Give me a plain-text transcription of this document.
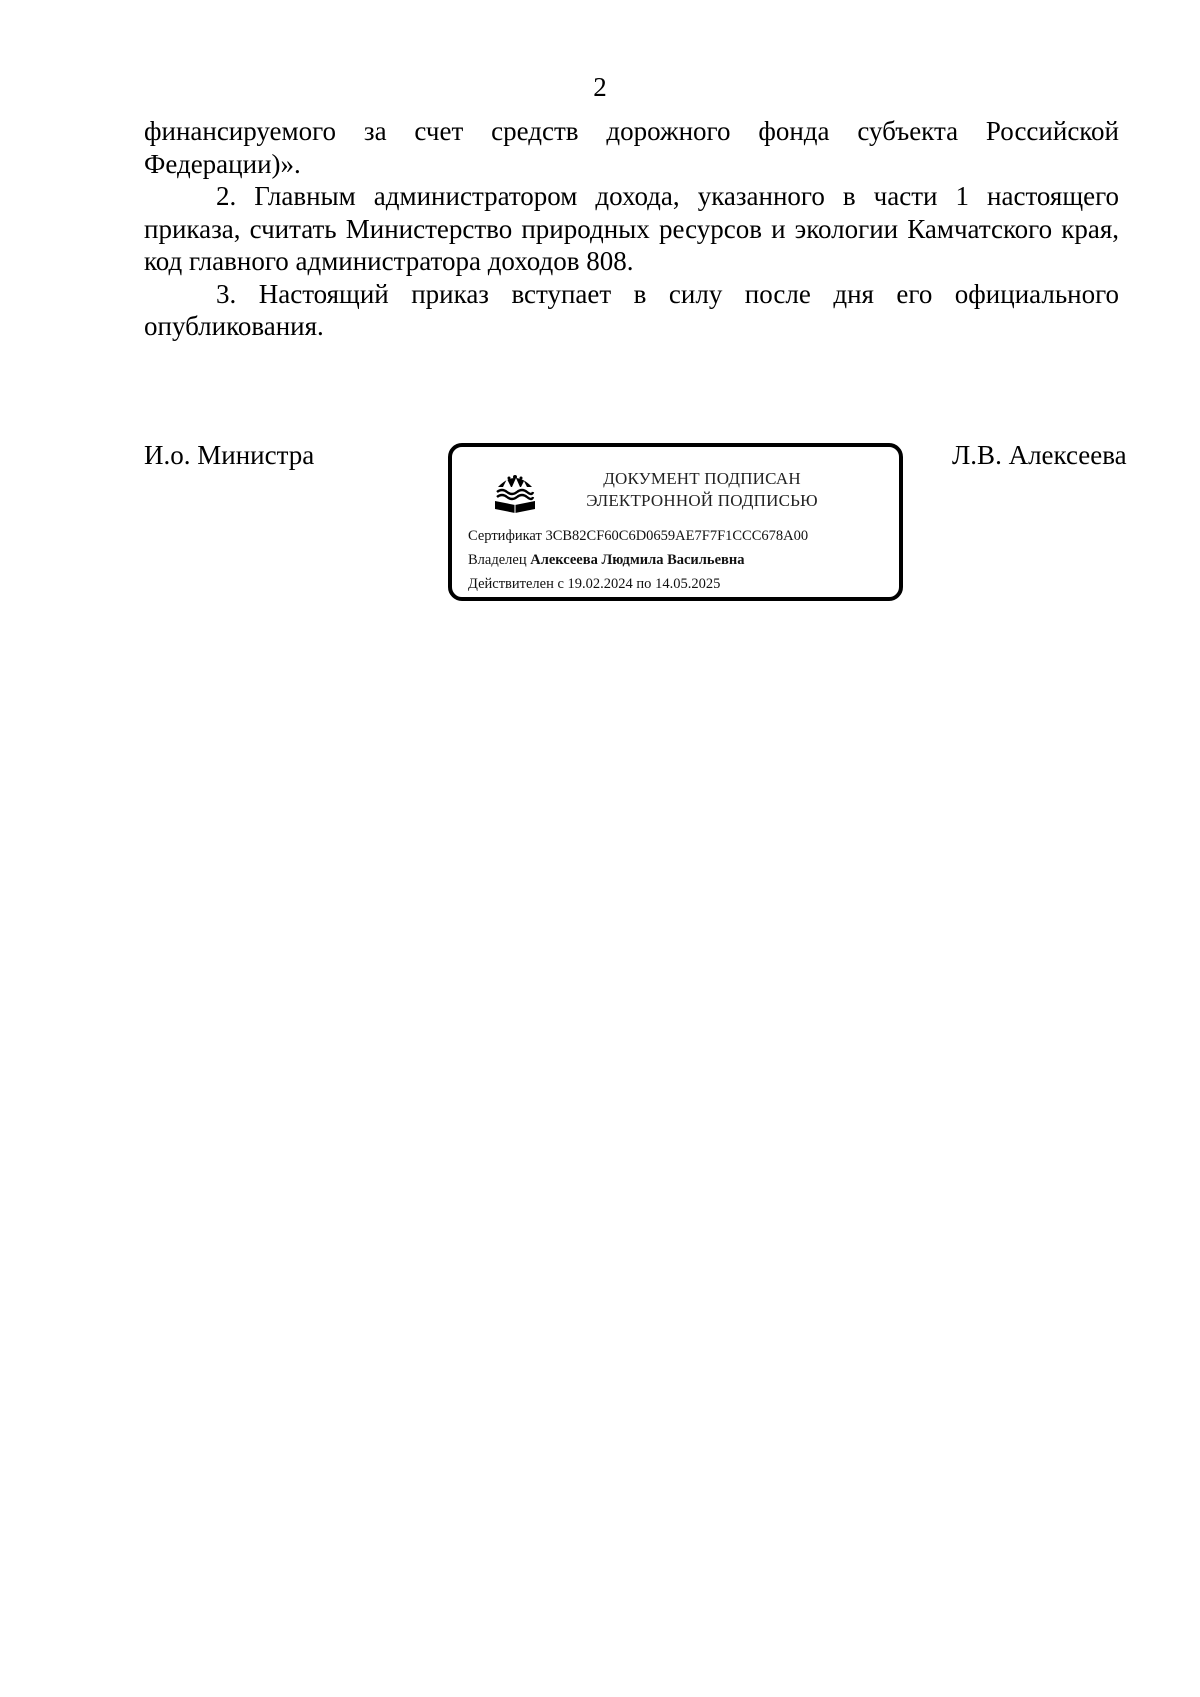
2

финансируемого за счет средств дорожного фонда субъекта Российской Федерации)».

2. Главным администратором дохода, указанного в части 1 настоящего приказа, считать Министерство природных ресурсов и экологии Камчатского края, код главного администратора доходов 808.

3. Настоящий приказ вступает в силу после дня его официального опубликования.

И.о. Министра	Л.В. Алексеева
ДОКУМЕНТ ПОДПИСАН
ЭЛЕКТРОННОЙ ПОДПИСЬЮ
Сертификат 3CB82CF60C6D0659AE7F7F1CCC678A00
Владелец Алексеева Людмила Васильевна
Действителен с 19.02.2024 по 14.05.2025
